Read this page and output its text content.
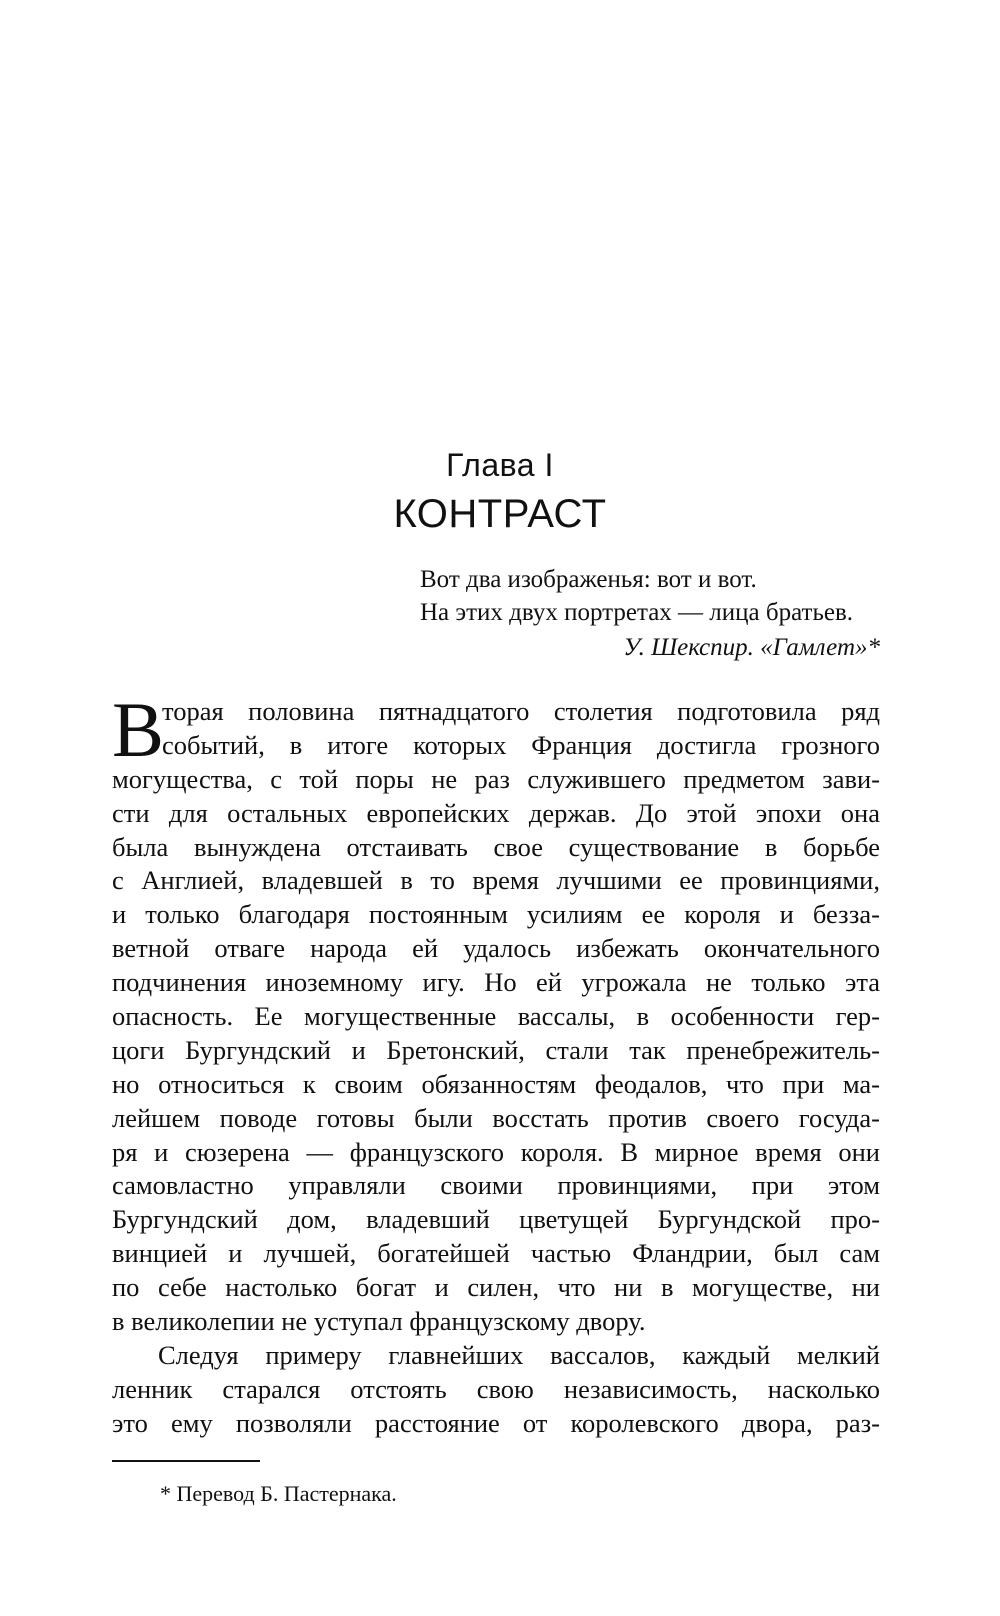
Глава I
КОНТРАСТ
Вот два изображенья: вот и вот.
На этих двух портретах — лица братьев.
У. Шекспир. «Гамлет»*
В
торая половина пятнадцатого столетия подготовила ряд
событий, в итоге которых Франция достигла грозного
могущества, с той поры не раз служившего предметом зави-
сти для остальных европейских держав. До этой эпохи она
была вынуждена отстаивать свое существование в борьбе
с Англией, владевшей в то время лучшими ее провинциями,
и только благодаря постоянным усилиям ее короля и безза-
ветной отваге народа ей удалось избежать окончательного
подчинения иноземному игу. Но ей угрожала не только эта
опасность. Ее могущественные вассалы, в особенности гер-
цоги Бургундский и Бретонский, стали так пренебрежитель-
но относиться к своим обязанностям феодалов, что при ма-
лейшем поводе готовы были восстать против своего госуда-
ря и сюзерена — французского короля. В мирное время они
самовластно управляли своими провинциями, при этом
Бургундский дом, владевший цветущей Бургундской про-
винцией и лучшей, богатейшей частью Фландрии, был сам
по себе настолько богат и силен, что ни в могуществе, ни
в великолепии не уступал французскому двору.
Следуя примеру главнейших вассалов, каждый мелкий
ленник старался отстоять свою независимость, насколько
это ему позволяли расстояние от королевского двора, раз-
* Перевод Б. Пастернака.
